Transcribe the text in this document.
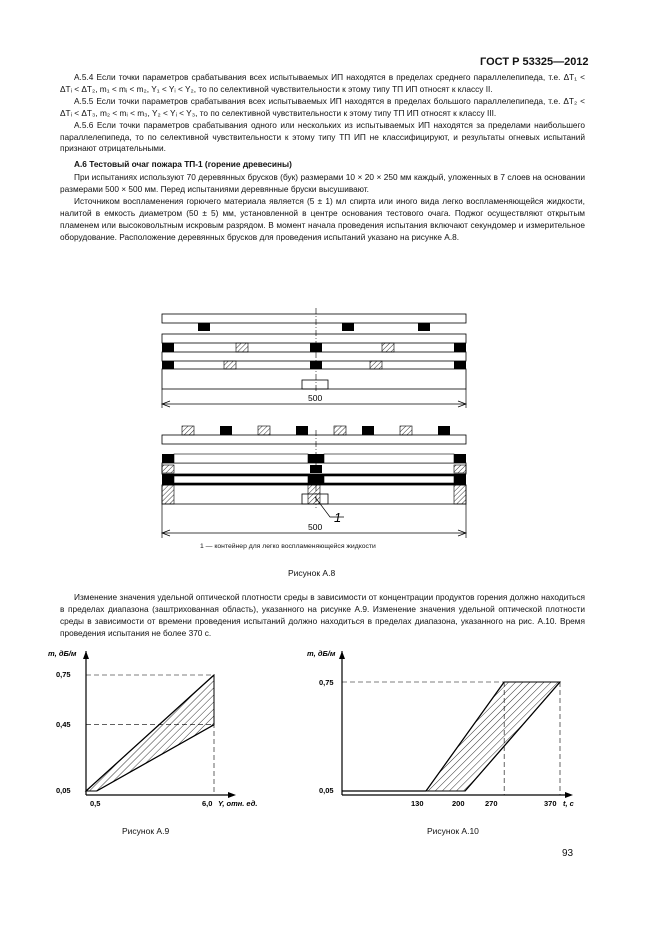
ГОСТ Р 53325—2012

А.5.4 Если точки параметров срабатывания всех испытываемых ИП находятся в пределах среднего параллелепипеда, т.е. ΔT₁ < ΔTᵢ < ΔT₂, m₁ < mᵢ < m₂, Y₁ < Yᵢ < Y₂, то по селективной чувствительности к этому типу ТП ИП относят к классу II.

А.5.5 Если точки параметров срабатывания всех испытываемых ИП находятся в пределах большого параллелепипеда, т.е. ΔT₂ < ΔTᵢ < ΔT₃, m₂ < mᵢ < m₃, Y₂ < Yᵢ < Y₃, то по селективной чувствительности к этому типу ТП ИП относят к классу III.

А.5.6 Если точки параметров срабатывания одного или нескольких из испытываемых ИП находятся за пределами наибольшего параллелепипеда, то по селективной чувствительности к этому типу ТП ИП не классифицируют, и результаты огневых испытаний признают отрицательными.

А.6 Тестовый очаг пожара ТП-1 (горение древесины)

При испытаниях используют 70 деревянных брусков (бук) размерами 10 × 20 × 250 мм каждый, уложенных в 7 слоев на основании размерами 500 × 500 мм. Перед испытаниями деревянные бруски высушивают.

Источником воспламенения горючего материала является (5 ± 1) мл спирта или иного вида легко воспламеняющейся жидкости, налитой в емкость диаметром (50 ± 5) мм, установленной в центре основания тестового очага. Поджог осуществляют открытым пламенем или высоковольтным искровым разрядом. В момент начала проведения испытания включают секундомер и измерительное оборудование. Расположение деревянных брусков для проведения испытаний указано на рисунке А.8.

500
500
1
1 — контейнер для легко воспламеняющейся жидкости
Рисунок А.8

Изменение значения удельной оптической плотности среды в зависимости от концентрации продуктов горения должно находиться в пределах диапазона (заштрихованная область), указанного на рисунке А.9. Изменение значения удельной оптической плотности среды в зависимости от времени проведения испытаний должно находиться в пределах диапазона, указанного на рис. А.10. Время проведения испытания не более 370 с.

m, дБ/м
0,75
0,45
0,05
0,5	6,0 Y, отн. ед.
Рисунок А.9
m, дБ/м
0,75
0,05
130	200	270	370 t, с
Рисунок А.10
93
